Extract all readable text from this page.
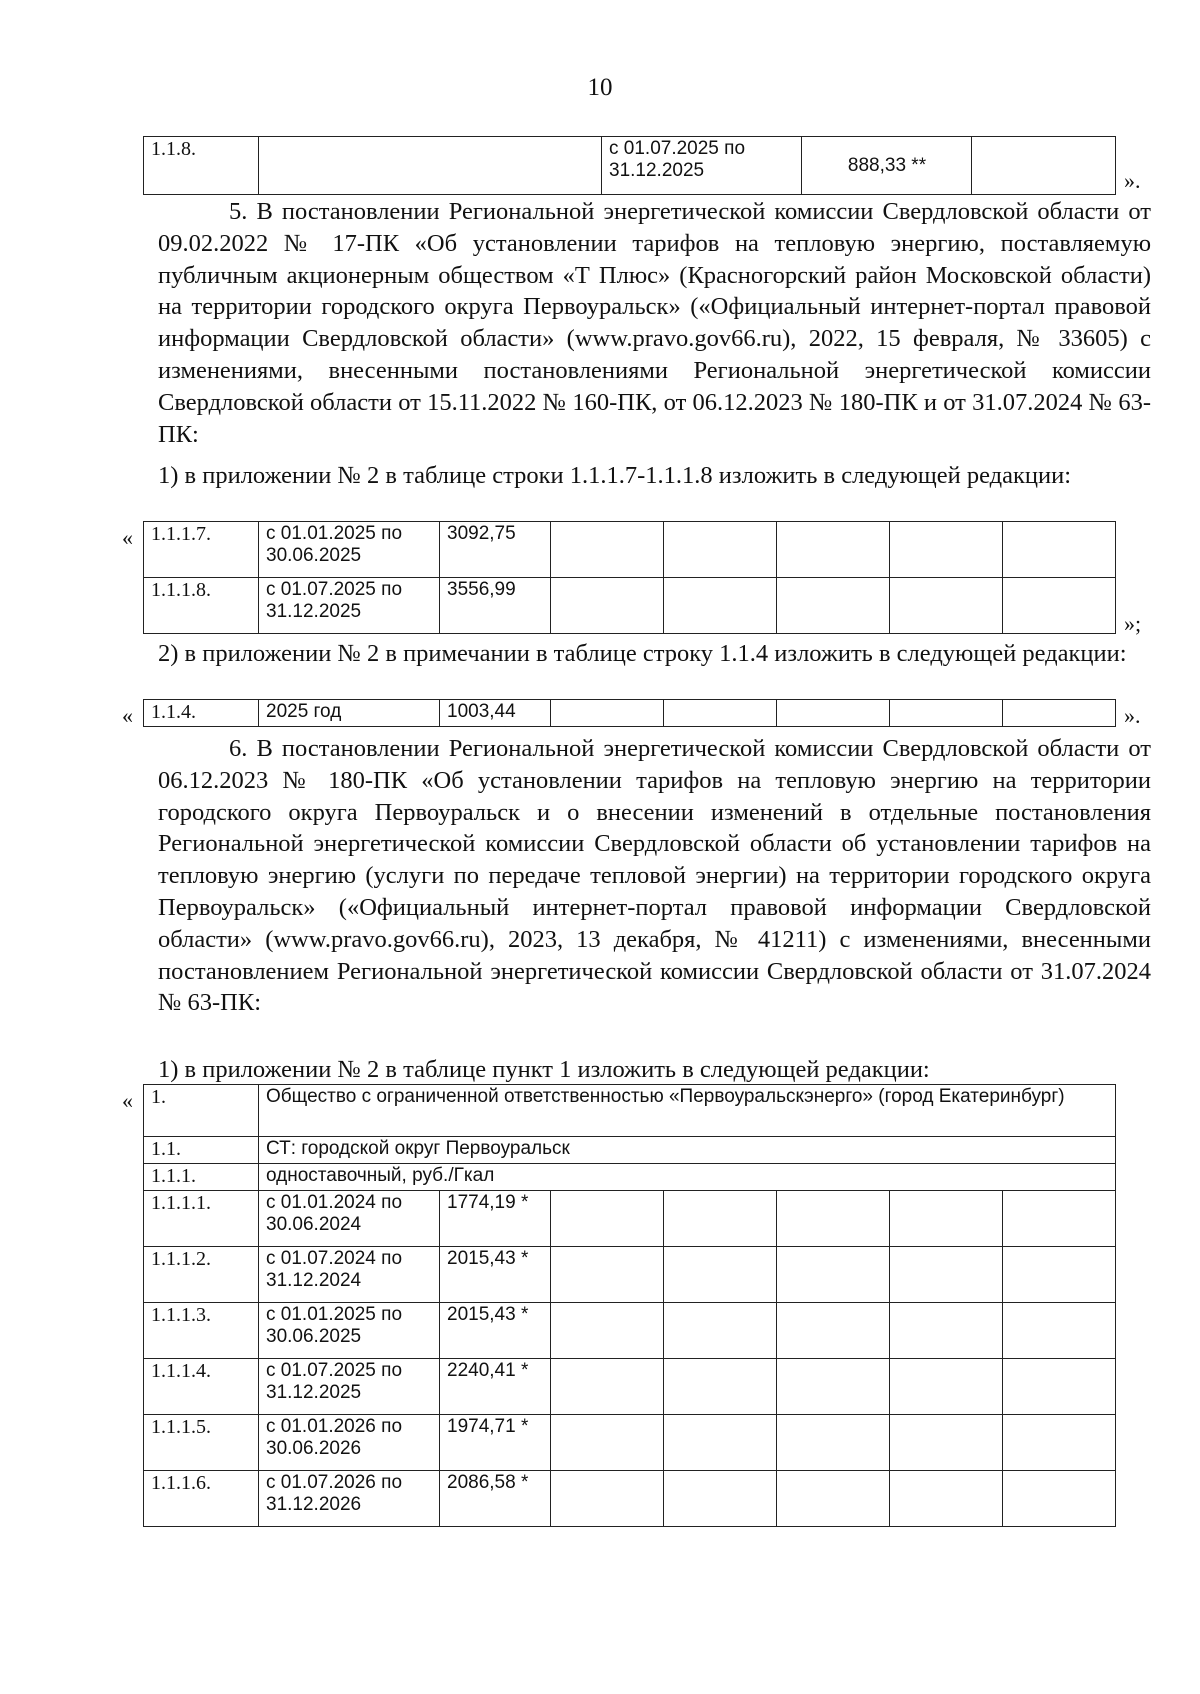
10
1.1.8.		с 01.07.2025 по 31.12.2025	888,33 **	
».

5. В постановлении Региональной энергетической комиссии Свердловской области от 09.02.2022 № 17-ПК «Об установлении тарифов на тепловую энергию, поставляемую публичным акционерным обществом «Т Плюс» (Красногорский район Московской области) на территории городского округа Первоуральск» («Официальный интернет-портал правовой информации Свердловской области» (www.pravo.gov66.ru), 2022, 15 февраля, № 33605) с изменениями, внесенными постановлениями Региональной энергетической комиссии Свердловской области от 15.11.2022 № 160-ПК, от 06.12.2023 № 180-ПК и от 31.07.2024 № 63-ПК:

1) в приложении № 2 в таблице строки 1.1.1.7-1.1.1.8 изложить в следующей редакции:

« 1.1.1.7.	с 01.01.2025 по 30.06.2025	3092,75					
1.1.1.8.	с 01.07.2025 по 31.12.2025	3556,99					
»;

2) в приложении № 2 в примечании в таблице строку 1.1.4 изложить в следующей редакции:

« 1.1.4.	2025 год	1003,44						».

6. В постановлении Региональной энергетической комиссии Свердловской области от 06.12.2023 № 180-ПК «Об установлении тарифов на тепловую энергию на территории городского округа Первоуральск и о внесении изменений в отдельные постановления Региональной энергетической комиссии Свердловской области об установлении тарифов на тепловую энергию (услуги по передаче тепловой энергии) на территории городского округа Первоуральск» («Официальный интернет-портал правовой информации Свердловской области» (www.pravo.gov66.ru), 2023, 13 декабря, № 41211) с изменениями, внесенными постановлением Региональной энергетической комиссии Свердловской области от 31.07.2024 № 63-ПК:

1) в приложении № 2 в таблице пункт 1 изложить в следующей редакции:

« 1.	Общество с ограниченной ответственностью «Первоуральскэнерго» (город Екатеринбург)						
1.1.	СТ: городской округ Первоуральск						
1.1.1.	одноставочный, руб./Гкал						
1.1.1.1.	с 01.01.2024 по 30.06.2024	1774,19 *					
1.1.1.2.	с 01.07.2024 по 31.12.2024	2015,43 *					
1.1.1.3.	с 01.01.2025 по 30.06.2025	2015,43 *					
1.1.1.4.	с 01.07.2025 по 31.12.2025	2240,41 *					
1.1.1.5.	с 01.01.2026 по 30.06.2026	1974,71 *					
1.1.1.6.	с 01.07.2026 по 31.12.2026	2086,58 *					
